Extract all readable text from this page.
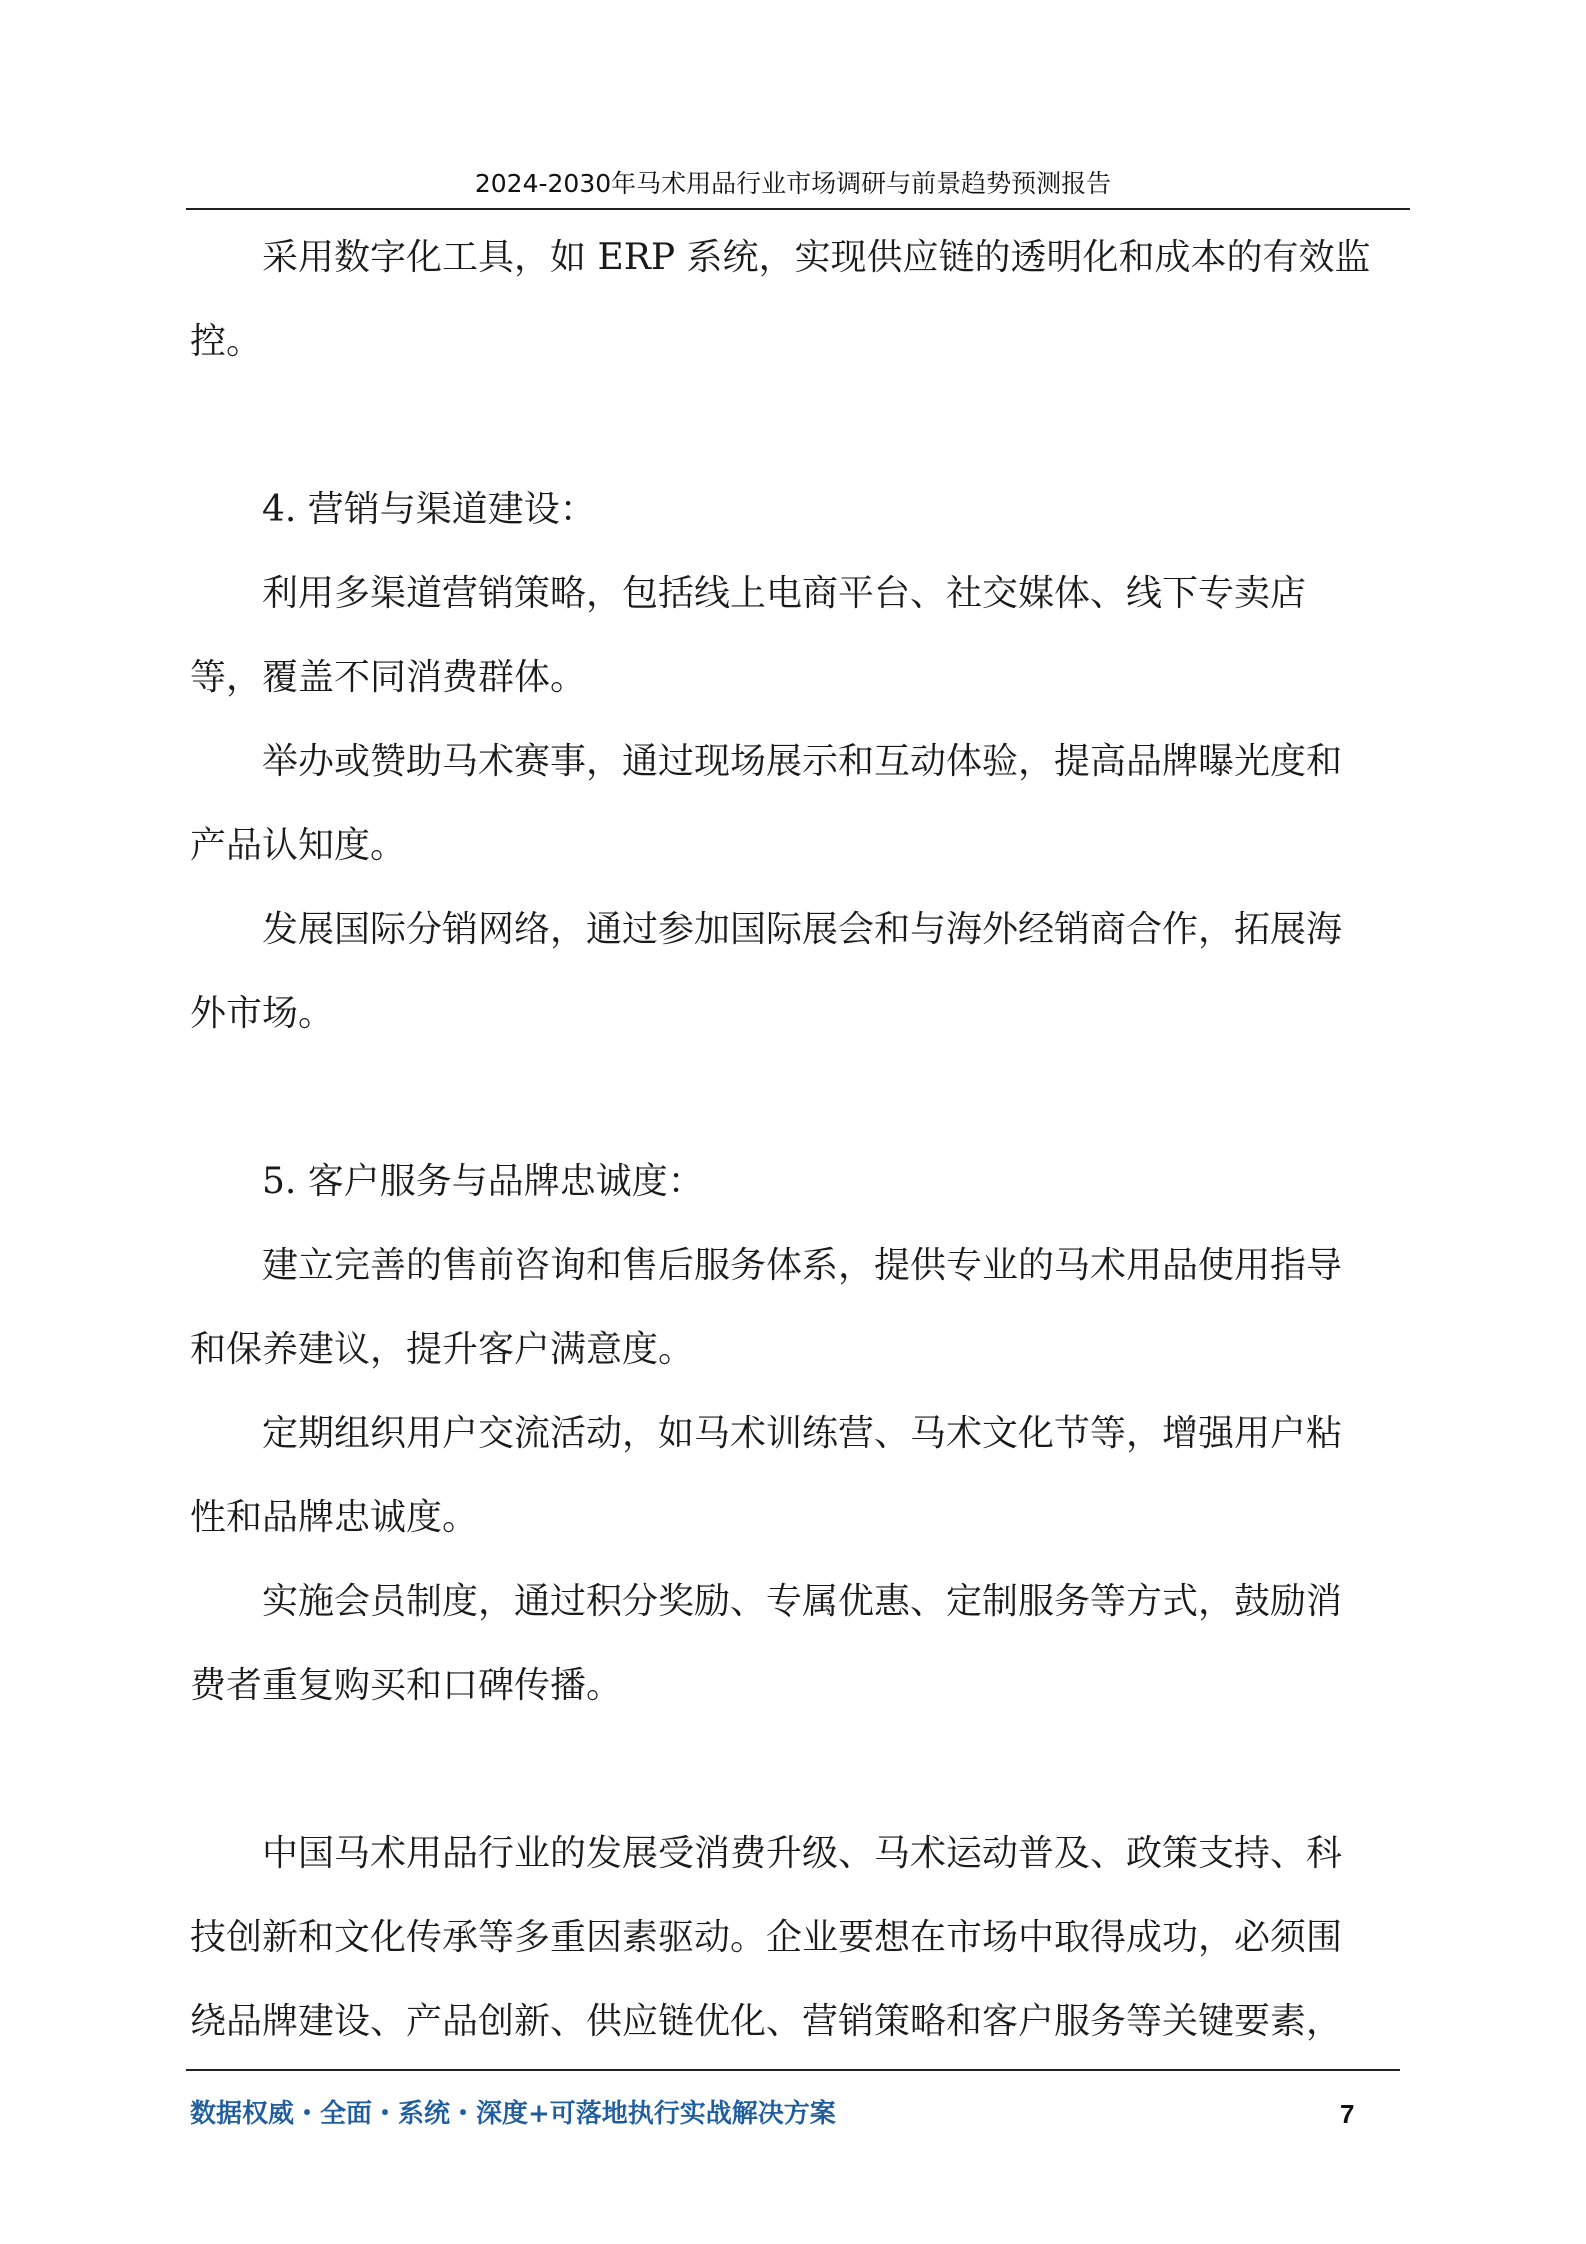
2024-2030年马术用品行业市场调研与前景趋势预测报告
　　采用数字化工具，如 ERP 系统，实现供应链的透明化和成本的有效监
控。
　　4. 营销与渠道建设：
　　利用多渠道营销策略，包括线上电商平台、社交媒体、线下专卖店
等，覆盖不同消费群体。
　　举办或赞助马术赛事，通过现场展示和互动体验，提高品牌曝光度和
产品认知度。
　　发展国际分销网络，通过参加国际展会和与海外经销商合作，拓展海
外市场。
　　5. 客户服务与品牌忠诚度：
　　建立完善的售前咨询和售后服务体系，提供专业的马术用品使用指导
和保养建议，提升客户满意度。
　　定期组织用户交流活动，如马术训练营、马术文化节等，增强用户粘
性和品牌忠诚度。
　　实施会员制度，通过积分奖励、专属优惠、定制服务等方式，鼓励消
费者重复购买和口碑传播。
　　中国马术用品行业的发展受消费升级、马术运动普及、政策支持、科
技创新和文化传承等多重因素驱动。企业要想在市场中取得成功，必须围
绕品牌建设、产品创新、供应链优化、营销策略和客户服务等关键要素，
数据权威・全面・系统・深度+可落地执行实战解决方案	7
